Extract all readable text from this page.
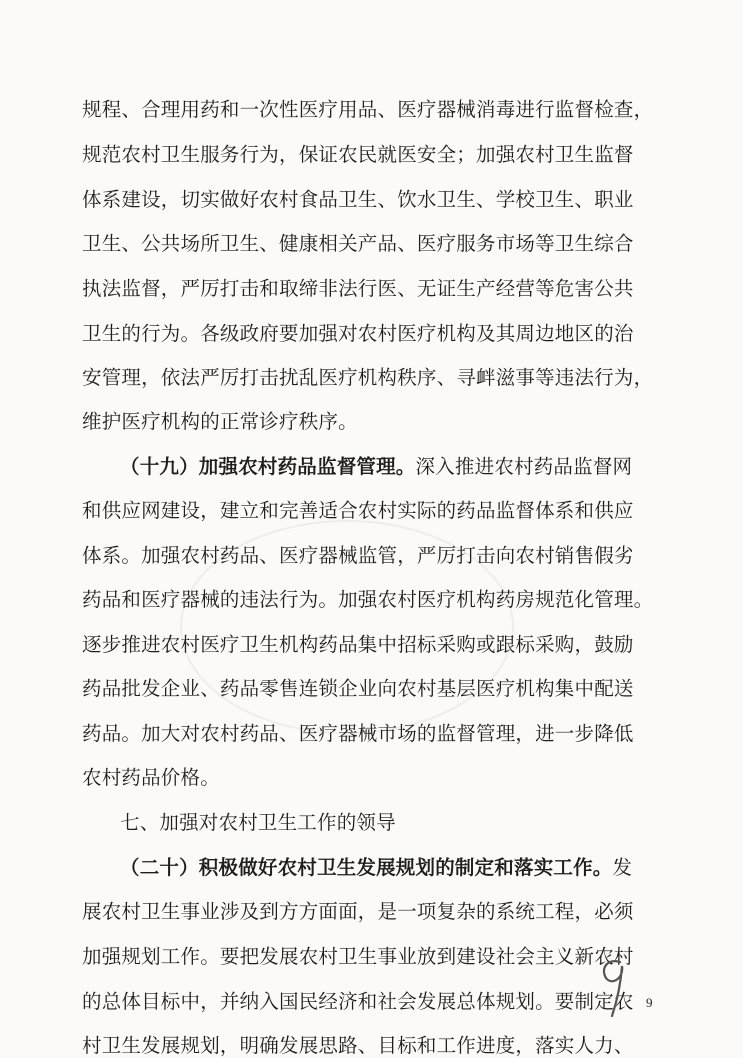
规程、合理用药和一次性医疗用品、医疗器械消毒进行监督检查，
规范农村卫生服务行为，保证农民就医安全；加强农村卫生监督
体系建设，切实做好农村食品卫生、饮水卫生、学校卫生、职业
卫生、公共场所卫生、健康相关产品、医疗服务市场等卫生综合
执法监督，严厉打击和取缔非法行医、无证生产经营等危害公共
卫生的行为。各级政府要加强对农村医疗机构及其周边地区的治
安管理，依法严厉打击扰乱医疗机构秩序、寻衅滋事等违法行为，
维护医疗机构的正常诊疗秩序。
（十九）加强农村药品监督管理。深入推进农村药品监督网
和供应网建设，建立和完善适合农村实际的药品监督体系和供应
体系。加强农村药品、医疗器械监管，严厉打击向农村销售假劣
药品和医疗器械的违法行为。加强农村医疗机构药房规范化管理。
逐步推进农村医疗卫生机构药品集中招标采购或跟标采购，鼓励
药品批发企业、药品零售连锁企业向农村基层医疗机构集中配送
药品。加大对农村药品、医疗器械市场的监督管理，进一步降低
农村药品价格。
七、加强对农村卫生工作的领导
（二十）积极做好农村卫生发展规划的制定和落实工作。发
展农村卫生事业涉及到方方面面，是一项复杂的系统工程，必须
加强规划工作。要把发展农村卫生事业放到建设社会主义新农村
的总体目标中，并纳入国民经济和社会发展总体规划。要制定农
村卫生发展规划，明确发展思路、目标和工作进度，落实人力、
9
